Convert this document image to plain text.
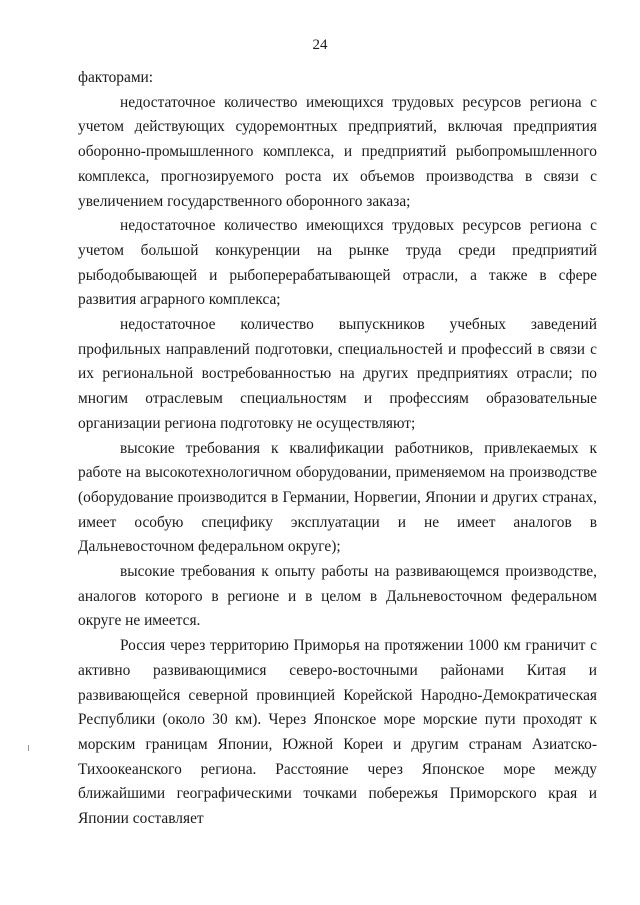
24

факторами:

недостаточное количество имеющихся трудовых ресурсов региона с учетом действующих судоремонтных предприятий, включая предприятия оборонно-промышленного комплекса, и предприятий рыбопромышленного комплекса, прогнозируемого роста их объемов производства в связи с увеличением государственного оборонного заказа;

недостаточное количество имеющихся трудовых ресурсов региона с учетом большой конкуренции на рынке труда среди предприятий рыбодобывающей и рыбоперерабатывающей отрасли, а также в сфере развития аграрного комплекса;

недостаточное количество выпускников учебных заведений профильных направлений подготовки, специальностей и профессий в связи с их региональной востребованностью на других предприятиях отрасли; по многим отраслевым специальностям и профессиям образовательные организации региона подготовку не осуществляют;

высокие требования к квалификации работников, привлекаемых к работе на высокотехнологичном оборудовании, применяемом на производстве (оборудование производится в Германии, Норвегии, Японии и других странах, имеет особую специфику эксплуатации и не имеет аналогов в Дальневосточном федеральном округе);

высокие требования к опыту работы на развивающемся производстве, аналогов которого в регионе и в целом в Дальневосточном федеральном округе не имеется.

Россия через территорию Приморья на протяжении 1000 км граничит с активно развивающимися северо-восточными районами Китая и развивающейся северной провинцией Корейской Народно-Демократическая Республики (около 30 км). Через Японское море морские пути проходят к морским границам Японии, Южной Кореи и другим странам Азиатско-Тихоокеанского региона. Расстояние через Японское море между ближайшими географическими точками побережья Приморского края и Японии составляет
